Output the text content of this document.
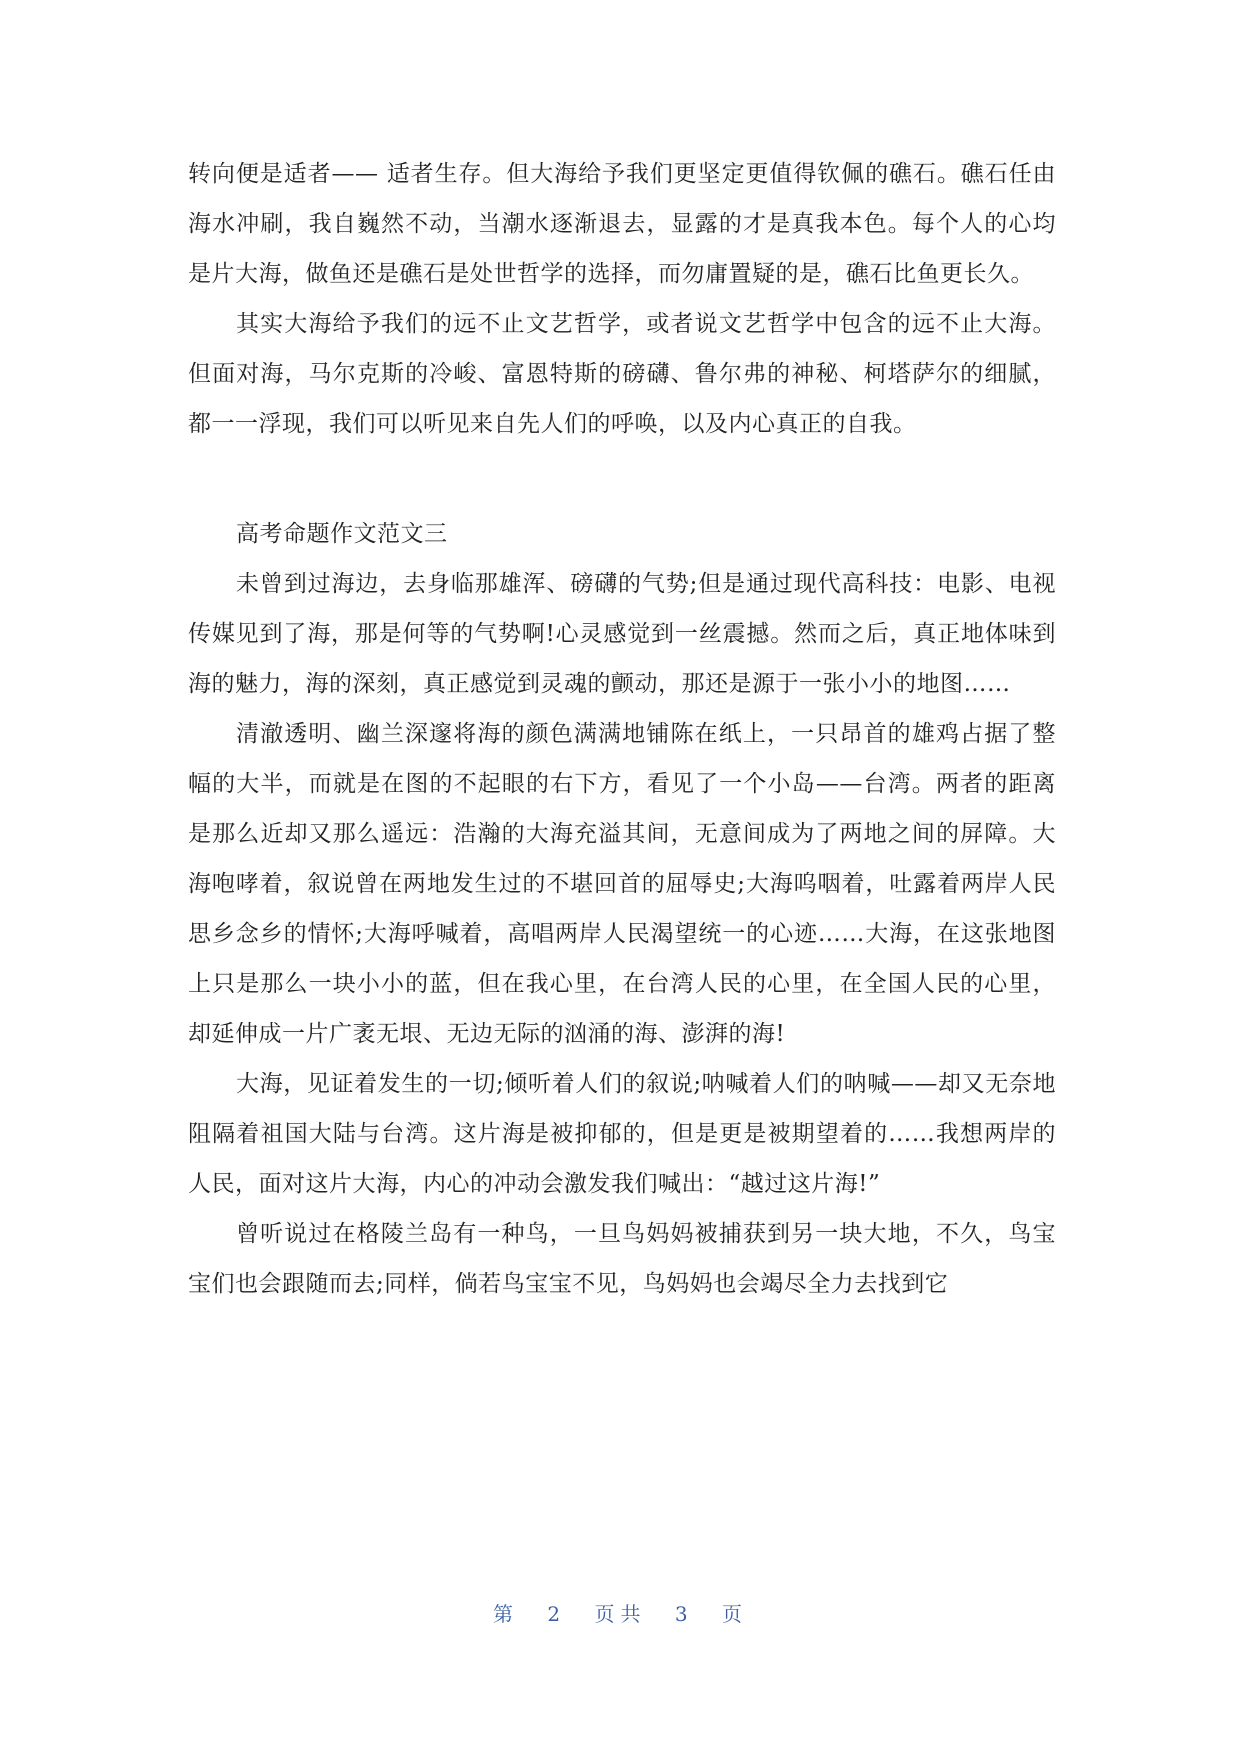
转向便是适者—— 适者生存。但大海给予我们更坚定更值得钦佩的礁石。礁石任由海水冲刷，我自巍然不动，当潮水逐渐退去，显露的才是真我本色。每个人的心均是片大海，做鱼还是礁石是处世哲学的选择，而勿庸置疑的是，礁石比鱼更长久。

其实大海给予我们的远不止文艺哲学，或者说文艺哲学中包含的远不止大海。但面对海，马尔克斯的冷峻、富恩特斯的磅礴、鲁尔弗的神秘、柯塔萨尔的细腻，都一一浮现，我们可以听见来自先人们的呼唤，以及内心真正的自我。

高考命题作文范文三

未曾到过海边，去身临那雄浑、磅礴的气势;但是通过现代高科技：电影、电视传媒见到了海，那是何等的气势啊!心灵感觉到一丝震撼。然而之后，真正地体味到海的魅力，海的深刻，真正感觉到灵魂的颤动，那还是源于一张小小的地图……

清澈透明、幽兰深邃将海的颜色满满地铺陈在纸上，一只昂首的雄鸡占据了整幅的大半，而就是在图的不起眼的右下方，看见了一个小岛——台湾。两者的距离是那么近却又那么遥远：浩瀚的大海充溢其间，无意间成为了两地之间的屏障。大海咆哮着，叙说曾在两地发生过的不堪回首的屈辱史;大海呜咽着，吐露着两岸人民思乡念乡的情怀;大海呼喊着，高唱两岸人民渴望统一的心迹……大海，在这张地图上只是那么一块小小的蓝，但在我心里，在台湾人民的心里，在全国人民的心里，却延伸成一片广袤无垠、无边无际的汹涌的海、澎湃的海!

大海，见证着发生的一切;倾听着人们的叙说;呐喊着人们的呐喊——却又无奈地阻隔着祖国大陆与台湾。这片海是被抑郁的，但是更是被期望着的……我想两岸的人民，面对这片大海，内心的冲动会激发我们喊出：“越过这片海!”

曾听说过在格陵兰岛有一种鸟，一旦鸟妈妈被捕获到另一块大地，不久，鸟宝宝们也会跟随而去;同样，倘若鸟宝宝不见，鸟妈妈也会竭尽全力去找到它

第 2 页共 3 页
